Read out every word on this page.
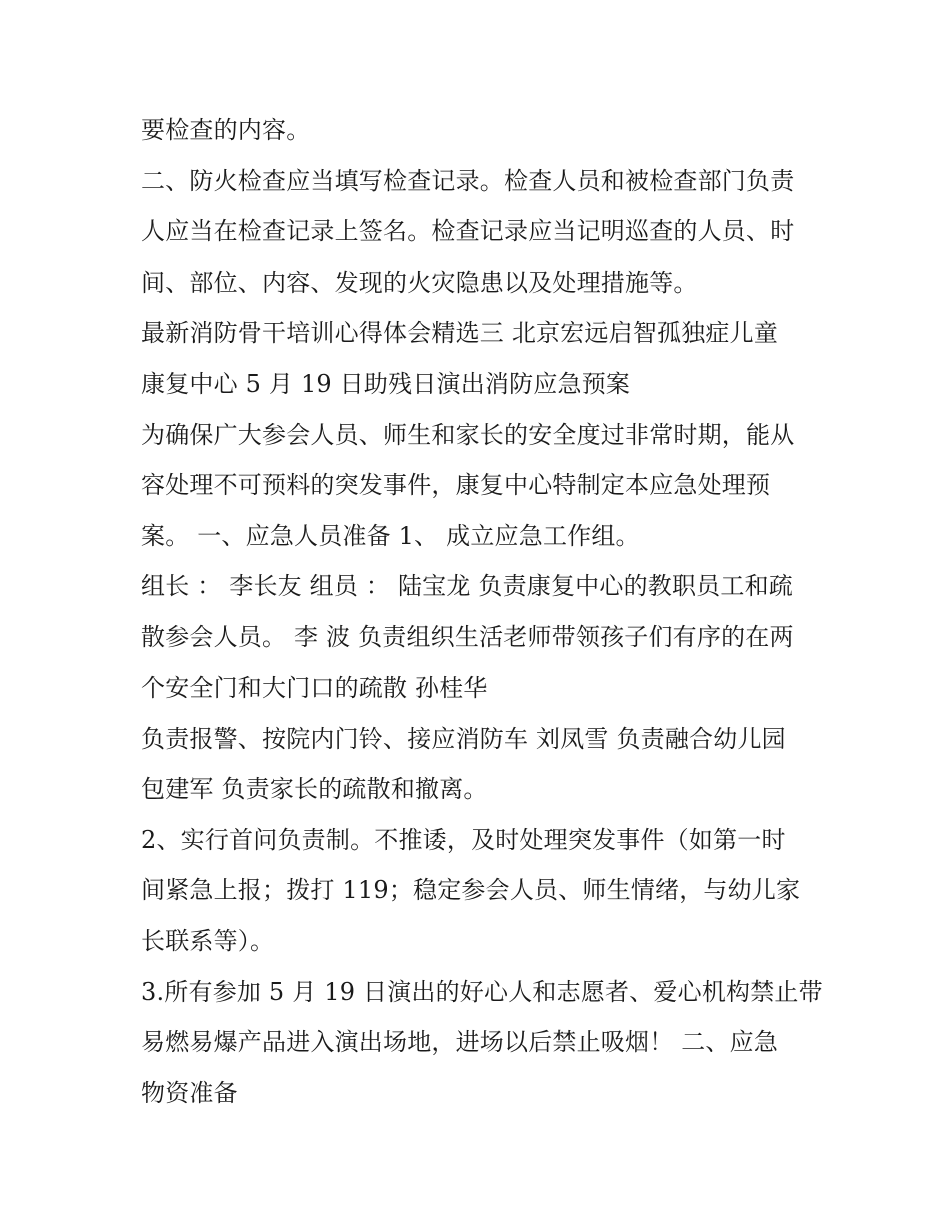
要检查的内容。
二、防火检查应当填写检查记录。检查人员和被检查部门负责
人应当在检查记录上签名。检查记录应当记明巡查的人员、时
间、部位、内容、发现的火灾隐患以及处理措施等。
最新消防骨干培训心得体会精选三 北京宏远启智孤独症儿童
康复中心 5 月 19 日助残日演出消防应急预案
为确保广大参会人员、师生和家长的安全度过非常时期，能从
容处理不可预料的突发事件，康复中心特制定本应急处理预
案。 一、应急人员准备 1、 成立应急工作组。
组长 ： 李长友 组员 ： 陆宝龙 负责康复中心的教职员工和疏
散参会人员。 李 波 负责组织生活老师带领孩子们有序的在两
个安全门和大门口的疏散 孙桂华
负责报警、按院内门铃、接应消防车 刘凤雪 负责融合幼儿园
包建军 负责家长的疏散和撤离。
2、实行首问负责制。不推诿，及时处理突发事件（如第一时
间紧急上报；拨打 119；稳定参会人员、师生情绪，与幼儿家
长联系等）。
3.所有参加 5 月 19 日演出的好心人和志愿者、爱心机构禁止带
易燃易爆产品进入演出场地，进场以后禁止吸烟！ 二、应急
物资准备
